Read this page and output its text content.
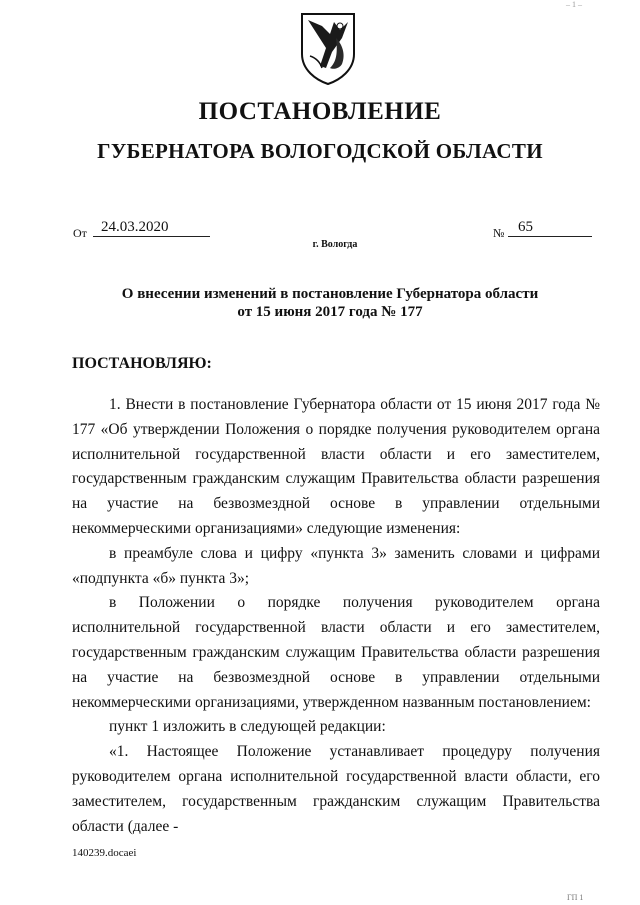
– 1 –
ПОСТАНОВЛЕНИЕ
ГУБЕРНАТОРА ВОЛОГОДСКОЙ ОБЛАСТИ
От 24.03.2020	№ 65
г. Вологда
О внесении изменений в постановление Губернатора области
от 15 июня 2017 года № 177
ПОСТАНОВЛЯЮ:

1. Внести в постановление Губернатора области от 15 июня 2017 года № 177 «Об утверждении Положения о порядке получения руководителем органа исполнительной государственной власти области и его заместителем, государственным гражданским служащим Правительства области разрешения на участие на безвозмездной основе в управлении отдельными некоммерческими организациями» следующие изменения:

в преамбуле слова и цифру «пункта 3» заменить словами и цифрами «подпункта «б» пункта 3»;

в Положении о порядке получения руководителем органа исполнительной государственной власти области и его заместителем, государственным гражданским служащим Правительства области разрешения на участие на безвозмездной основе в управлении отдельными некоммерческими организациями, утвержденном названным постановлением:

пункт 1 изложить в следующей редакции:

«1. Настоящее Положение устанавливает процедуру получения руководителем органа исполнительной государственной власти области, его заместителем, государственным гражданским служащим Правительства области (далее -

140239.docaei
ГП 1
